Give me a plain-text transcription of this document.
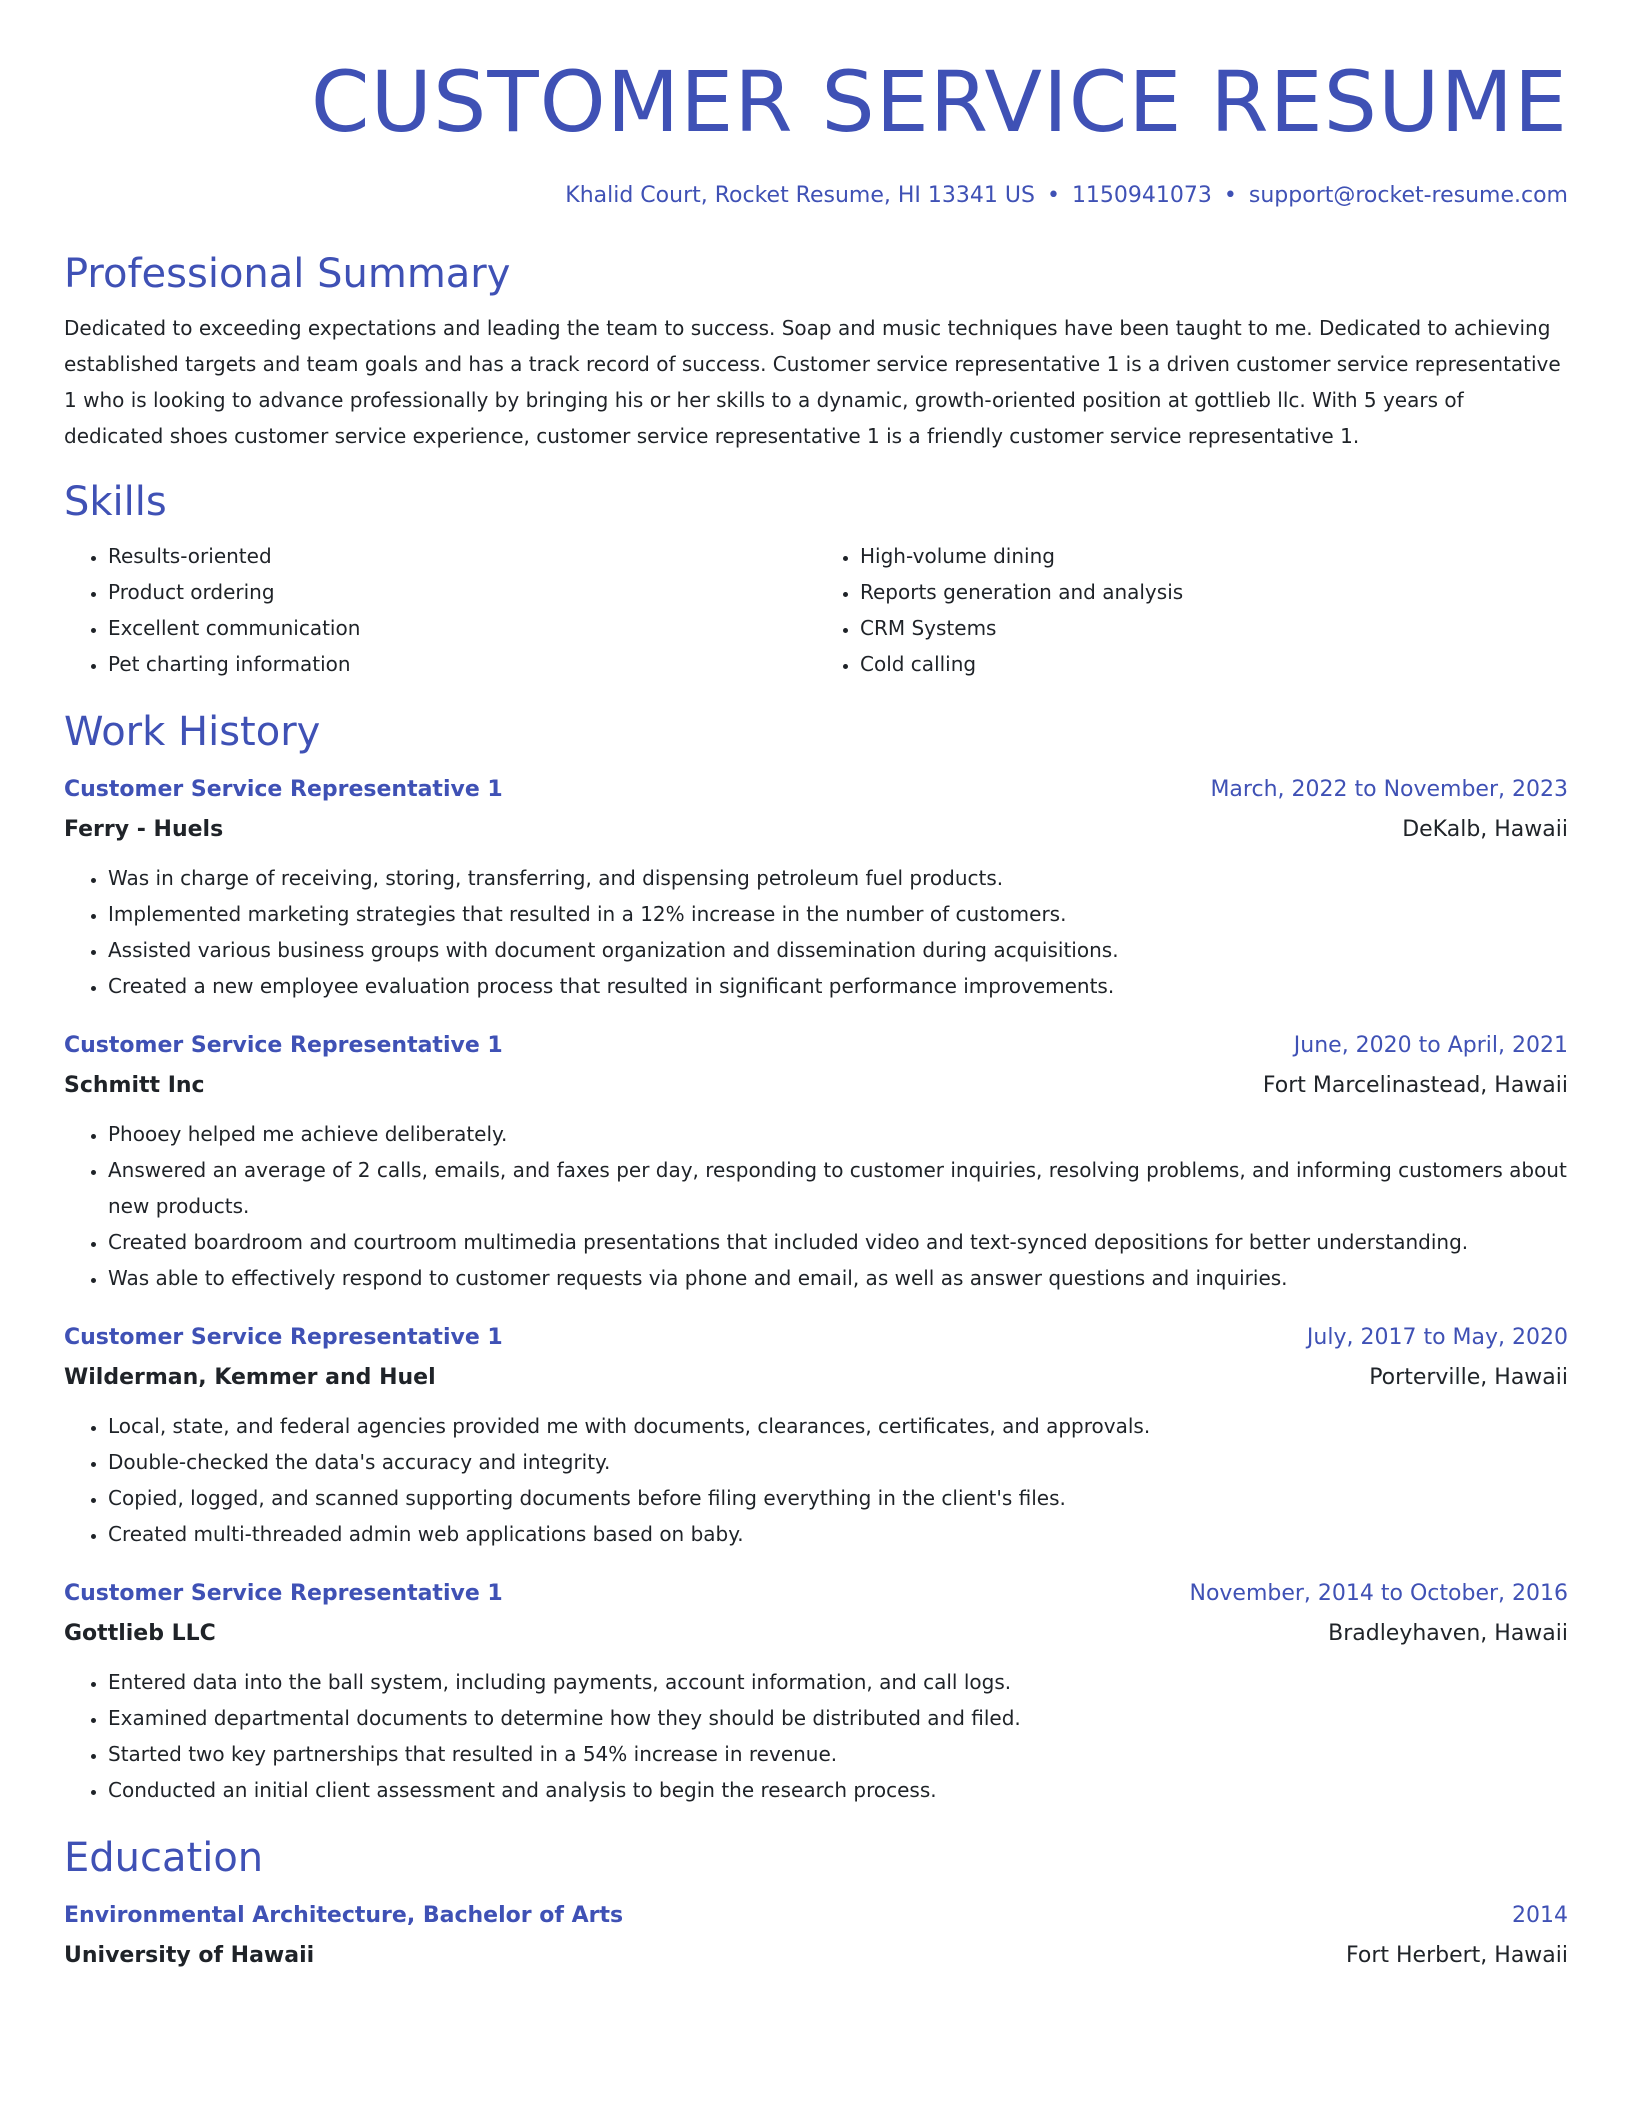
CUSTOMER SERVICE RESUME
Khalid Court, Rocket Resume, HI 13341 US • 1150941073 • support@rocket-resume.com
Professional Summary
Dedicated to exceeding expectations and leading the team to success. Soap and music techniques have been taught to me. Dedicated to achieving established targets and team goals and has a track record of success. Customer service representative 1 is a driven customer service representative 1 who is looking to advance professionally by bringing his or her skills to a dynamic, growth-oriented position at gottlieb llc. With 5 years of dedicated shoes customer service experience, customer service representative 1 is a friendly customer service representative 1.
Skills
• Results-oriented
• Product ordering
• Excellent communication
• Pet charting information
• High-volume dining
• Reports generation and analysis
• CRM Systems
• Cold calling
Work History
Customer Service Representative 1	March, 2022 to November, 2023
Ferry - Huels	DeKalb, Hawaii
• Was in charge of receiving, storing, transferring, and dispensing petroleum fuel products.
• Implemented marketing strategies that resulted in a 12% increase in the number of customers.
• Assisted various business groups with document organization and dissemination during acquisitions.
• Created a new employee evaluation process that resulted in significant performance improvements.
Customer Service Representative 1	June, 2020 to April, 2021
Schmitt Inc	Fort Marcelinastead, Hawaii
• Phooey helped me achieve deliberately.
• Answered an average of 2 calls, emails, and faxes per day, responding to customer inquiries, resolving problems, and informing customers about new products.
• Created boardroom and courtroom multimedia presentations that included video and text-synced depositions for better understanding.
• Was able to effectively respond to customer requests via phone and email, as well as answer questions and inquiries.
Customer Service Representative 1	July, 2017 to May, 2020
Wilderman, Kemmer and Huel	Porterville, Hawaii
• Local, state, and federal agencies provided me with documents, clearances, certificates, and approvals.
• Double-checked the data's accuracy and integrity.
• Copied, logged, and scanned supporting documents before filing everything in the client's files.
• Created multi-threaded admin web applications based on baby.
Customer Service Representative 1	November, 2014 to October, 2016
Gottlieb LLC	Bradleyhaven, Hawaii
• Entered data into the ball system, including payments, account information, and call logs.
• Examined departmental documents to determine how they should be distributed and filed.
• Started two key partnerships that resulted in a 54% increase in revenue.
• Conducted an initial client assessment and analysis to begin the research process.
Education
Environmental Architecture, Bachelor of Arts	2014
University of Hawaii	Fort Herbert, Hawaii
